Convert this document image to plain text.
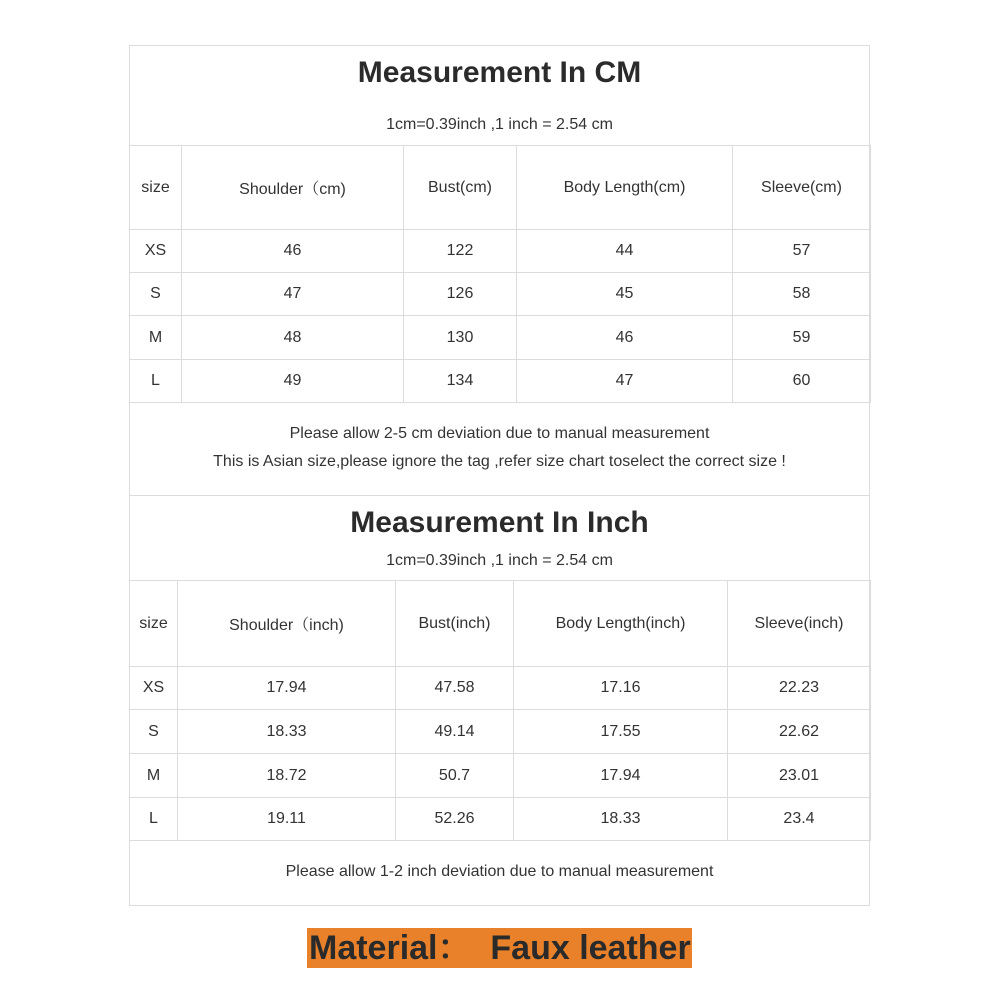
Measurement In CM
1cm=0.39inch ,1 inch = 2.54 cm
size	Shoulder（cm)	Bust(cm)	Body Length(cm)	Sleeve(cm)
XS	46	122	44	57
S	47	126	45	58
M	48	130	46	59
L	49	134	47	60
Please allow 2-5 cm deviation due to manual measurement
This is Asian size,please ignore the tag ,refer size chart toselect the correct size !
Measurement In Inch
1cm=0.39inch ,1 inch = 2.54 cm
size	Shoulder（inch)	Bust(inch)	Body Length(inch)	Sleeve(inch)
XS	17.94	47.58	17.16	22.23
S	18.33	49.14	17.55	22.62
M	18.72	50.7	17.94	23.01
L	19.11	52.26	18.33	23.4
Please allow 1-2 inch deviation due to manual measurement
Material：  Faux leather
